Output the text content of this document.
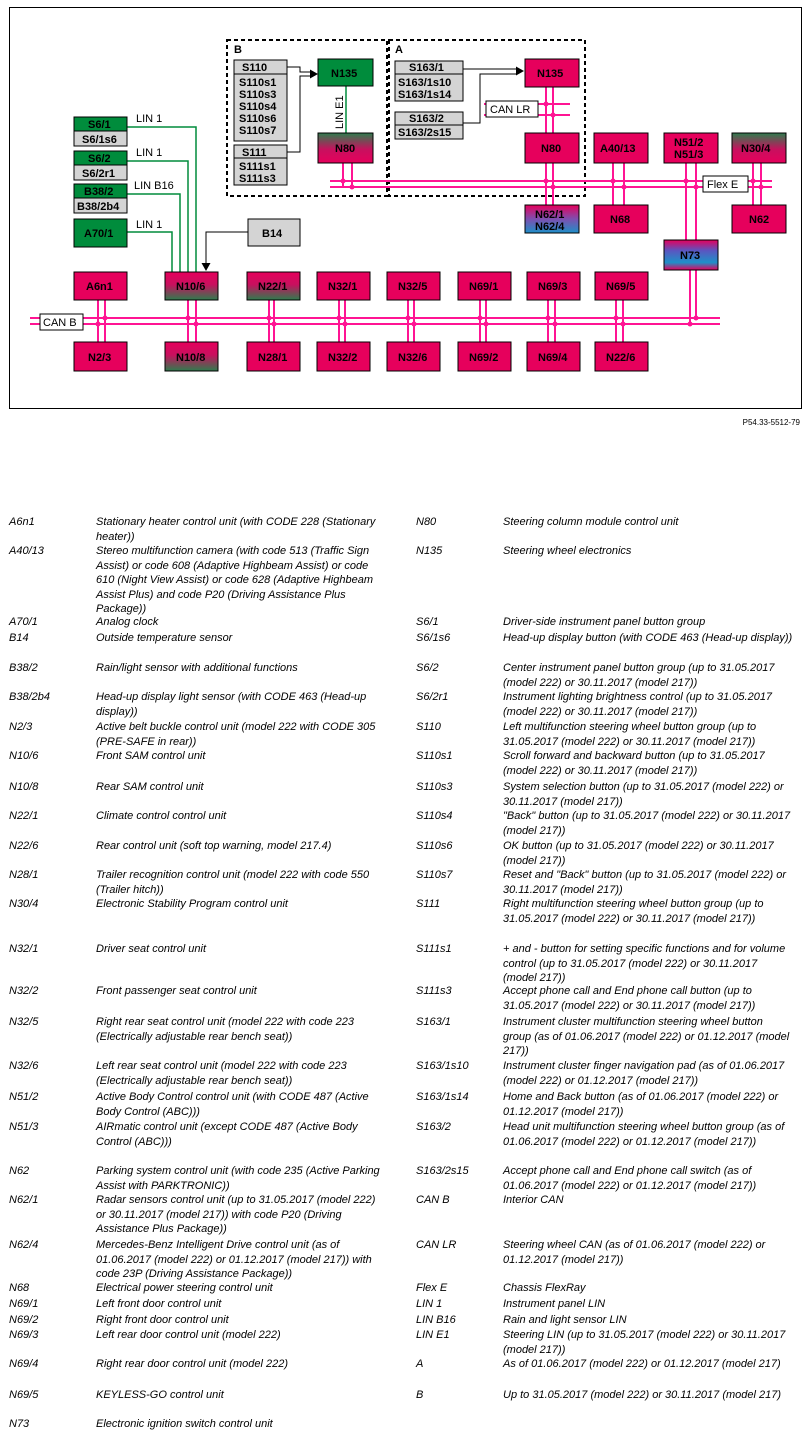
B	A
S110
S110s1
S110s3
S110s4
S110s6
S110s7
S111
S111s1
S111s3
N135
LIN E1
N80
S163/1
S163/1s10
S163/1s14
S163/2
S163/2s15
CAN LR
N135
N80	A40/13	N51/2
N51/3	N30/4
Flex E
N62/1
N62/4
N68	N62
N73
S6/1
S6/1s6
LIN 1
S6/2
S6/2r1
LIN 1
B38/2
B38/2b4
LIN B16
A70/1
LIN 1
B14
CAN B
A6n1	N10/6	N22/1	N32/1	N32/5	N69/1	N69/3	N69/5
N2/3	N10/8	N28/1	N32/2	N32/6	N69/2	N69/4	N22/6
P54.33-5512-79
A6n1	Stationary heater control unit (with CODE 228 (Stationary heater))
A40/13	Stereo multifunction camera (with code 513 (Traffic Sign Assist) or code 608 (Adaptive Highbeam Assist) or code 610 (Night View Assist) or code 628 (Adaptive Highbeam Assist Plus) and code P20 (Driving Assistance Plus Package))
A70/1	Analog clock
B14	Outside temperature sensor
B38/2	Rain/light sensor with additional functions
B38/2b4	Head-up display light sensor (with CODE 463 (Head-up display))
N2/3	Active belt buckle control unit (model 222 with CODE 305 (PRE-SAFE in rear))
N10/6	Front SAM control unit
N10/8	Rear SAM control unit
N22/1	Climate control control unit
N22/6	Rear control unit (soft top warning, model 217.4)
N28/1	Trailer recognition control unit (model 222 with code 550 (Trailer hitch))
N30/4	Electronic Stability Program control unit
N32/1	Driver seat control unit
N32/2	Front passenger seat control unit
N32/5	Right rear seat control unit (model 222 with code 223 (Electrically adjustable rear bench seat))
N32/6	Left rear seat control unit (model 222 with code 223 (Electrically adjustable rear bench seat))
N51/2	Active Body Control control unit (with CODE 487 (Active Body Control (ABC)))
N51/3	AIRmatic control unit (except CODE 487 (Active Body Control (ABC)))
N62	Parking system control unit (with code 235 (Active Parking Assist with PARKTRONIC))
N62/1	Radar sensors control unit (up to 31.05.2017 (model 222) or 30.11.2017 (model 217)) with code P20 (Driving Assistance Plus Package))
N62/4	Mercedes-Benz Intelligent Drive control unit (as of 01.06.2017 (model 222) or 01.12.2017 (model 217)) with code 23P (Driving Assistance Package))
N68	Electrical power steering control unit
N69/1	Left front door control unit
N69/2	Right front door control unit
N69/3	Left rear door control unit (model 222)
N69/4	Right rear door control unit (model 222)
N69/5	KEYLESS-GO control unit
N73	Electronic ignition switch control unit
N80	Steering column module control unit
N135	Steering wheel electronics
S6/1	Driver-side instrument panel button group
S6/1s6	Head-up display button (with CODE 463 (Head-up display))
S6/2	Center instrument panel button group (up to 31.05.2017 (model 222) or 30.11.2017 (model 217))
S6/2r1	Instrument lighting brightness control (up to 31.05.2017 (model 222) or 30.11.2017 (model 217))
S110	Left multifunction steering wheel button group (up to 31.05.2017 (model 222) or 30.11.2017 (model 217))
S110s1	Scroll forward and backward button (up to 31.05.2017 (model 222) or 30.11.2017 (model 217))
S110s3	System selection button (up to 31.05.2017 (model 222) or 30.11.2017 (model 217))
S110s4	"Back" button (up to 31.05.2017 (model 222) or 30.11.2017 (model 217))
S110s6	OK button (up to 31.05.2017 (model 222) or 30.11.2017 (model 217))
S110s7	Reset and "Back" button (up to 31.05.2017 (model 222) or 30.11.2017 (model 217))
S111	Right multifunction steering wheel button group (up to 31.05.2017 (model 222) or 30.11.2017 (model 217))
S111s1	+ and - button for setting specific functions and for volume control (up to 31.05.2017 (model 222) or 30.11.2017 (model 217))
S111s3	Accept phone call and End phone call button (up to 31.05.2017 (model 222) or 30.11.2017 (model 217))
S163/1	Instrument cluster multifunction steering wheel button group (as of 01.06.2017 (model 222) or 01.12.2017 (model 217))
S163/1s10	Instrument cluster finger navigation pad (as of 01.06.2017 (model 222) or 01.12.2017 (model 217))
S163/1s14	Home and Back button (as of 01.06.2017 (model 222) or 01.12.2017 (model 217))
S163/2	Head unit multifunction steering wheel button group (as of 01.06.2017 (model 222) or 01.12.2017 (model 217))
S163/2s15	Accept phone call and End phone call switch (as of 01.06.2017 (model 222) or 01.12.2017 (model 217))
CAN B	Interior CAN
CAN LR	Steering wheel CAN (as of 01.06.2017 (model 222) or 01.12.2017 (model 217))
Flex E	Chassis FlexRay
LIN 1	Instrument panel LIN
LIN B16	Rain and light sensor LIN
LIN E1	Steering LIN (up to 31.05.2017 (model 222) or 30.11.2017 (model 217))
A	As of 01.06.2017 (model 222) or 01.12.2017 (model 217)
B	Up to 31.05.2017 (model 222) or 30.11.2017 (model 217)
